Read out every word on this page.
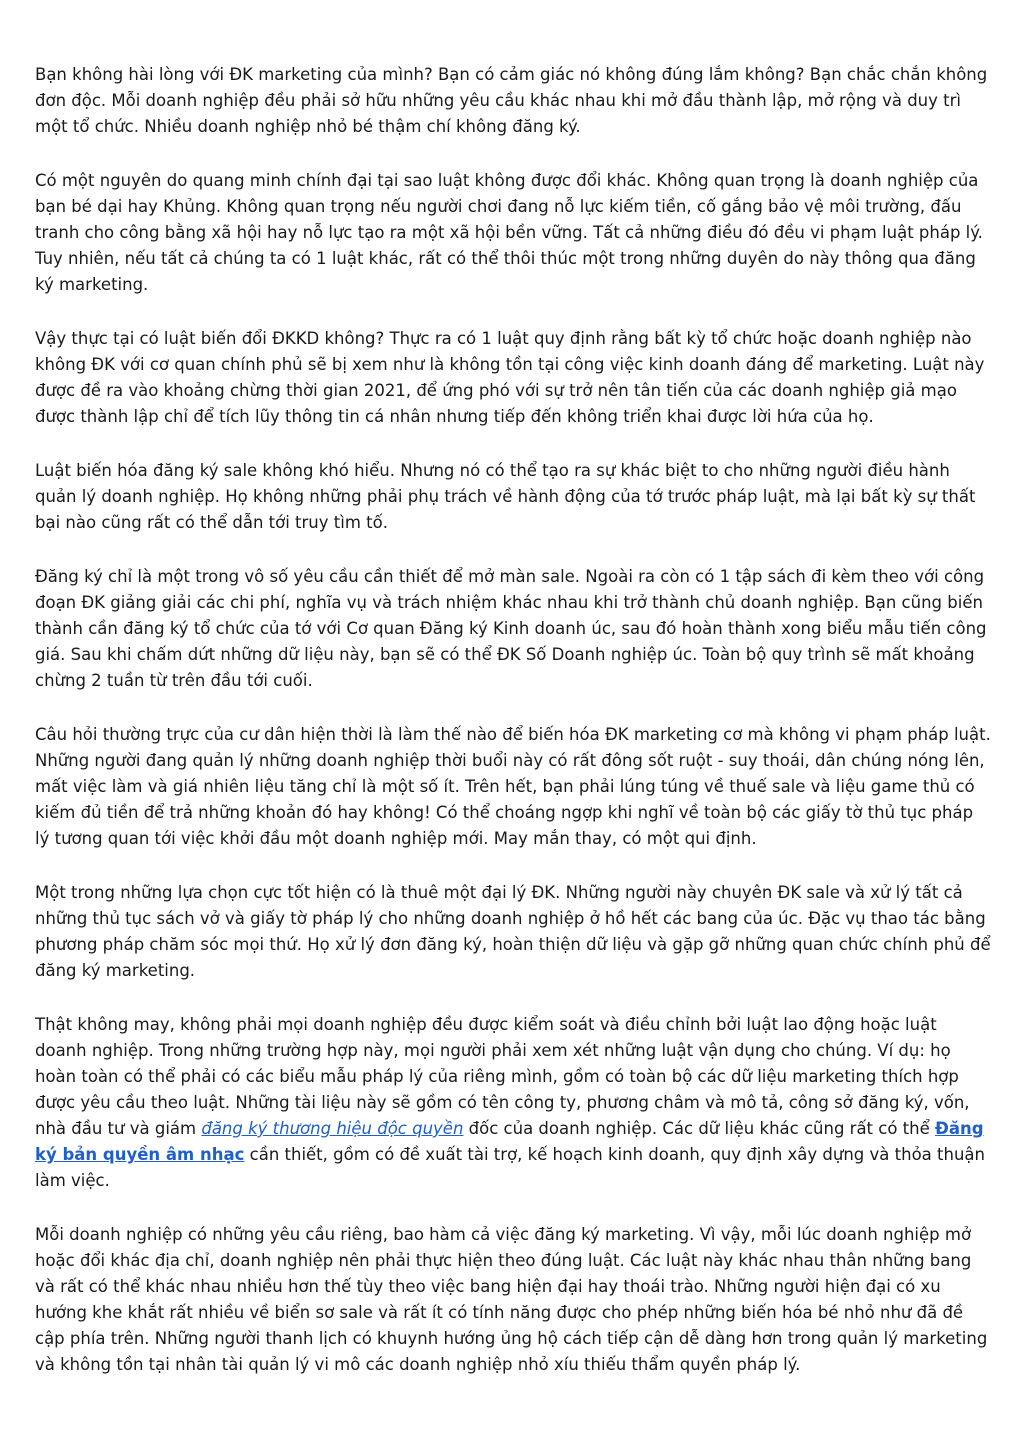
Bạn không hài lòng với ĐK marketing của mình? Bạn có cảm giác nó không đúng lắm không? Bạn chắc chắn không đơn độc. Mỗi doanh nghiệp đều phải sở hữu những yêu cầu khác nhau khi mở đầu thành lập, mở rộng và duy trì một tổ chức. Nhiều doanh nghiệp nhỏ bé thậm chí không đăng ký.

Có một nguyên do quang minh chính đại tại sao luật không được đổi khác. Không quan trọng là doanh nghiệp của bạn bé dại hay Khủng. Không quan trọng nếu người chơi đang nỗ lực kiếm tiền, cố gắng bảo vệ môi trường, đấu tranh cho công bằng xã hội hay nỗ lực tạo ra một xã hội bền vững. Tất cả những điều đó đều vi phạm luật pháp lý. Tuy nhiên, nếu tất cả chúng ta có 1 luật khác, rất có thể thôi thúc một trong những duyên do này thông qua đăng ký marketing.

Vậy thực tại có luật biến đổi ĐKKD không? Thực ra có 1 luật quy định rằng bất kỳ tổ chức hoặc doanh nghiệp nào không ĐK với cơ quan chính phủ sẽ bị xem như là không tồn tại công việc kinh doanh đáng để marketing. Luật này được đề ra vào khoảng chừng thời gian 2021, để ứng phó với sự trở nên tân tiến của các doanh nghiệp giả mạo được thành lập chỉ để tích lũy thông tin cá nhân nhưng tiếp đến không triển khai được lời hứa của họ.

Luật biến hóa đăng ký sale không khó hiểu. Nhưng nó có thể tạo ra sự khác biệt to cho những người điều hành quản lý doanh nghiệp. Họ không những phải phụ trách về hành động của tớ trước pháp luật, mà lại bất kỳ sự thất bại nào cũng rất có thể dẫn tới truy tìm tố.

Đăng ký chỉ là một trong vô số yêu cầu cần thiết để mở màn sale. Ngoài ra còn có 1 tập sách đi kèm theo với công đoạn ĐK giảng giải các chi phí, nghĩa vụ và trách nhiệm khác nhau khi trở thành chủ doanh nghiệp. Bạn cũng biến thành cần đăng ký tổ chức của tớ với Cơ quan Đăng ký Kinh doanh úc, sau đó hoàn thành xong biểu mẫu tiến công giá. Sau khi chấm dứt những dữ liệu này, bạn sẽ có thể ĐK Số Doanh nghiệp úc. Toàn bộ quy trình sẽ mất khoảng chừng 2 tuần từ trên đầu tới cuối.

Câu hỏi thường trực của cư dân hiện thời là làm thế nào để biến hóa ĐK marketing cơ mà không vi phạm pháp luật. Những người đang quản lý những doanh nghiệp thời buổi này có rất đông sốt ruột - suy thoái, dân chúng nóng lên, mất việc làm và giá nhiên liệu tăng chỉ là một số ít. Trên hết, bạn phải lúng túng về thuế sale và liệu game thủ có kiếm đủ tiền để trả những khoản đó hay không! Có thể choáng ngợp khi nghĩ về toàn bộ các giấy tờ thủ tục pháp lý tương quan tới việc khởi đầu một doanh nghiệp mới. May mắn thay, có một qui định.

Một trong những lựa chọn cực tốt hiện có là thuê một đại lý ĐK. Những người này chuyên ĐK sale và xử lý tất cả những thủ tục sách vở và giấy tờ pháp lý cho những doanh nghiệp ở hồ hết các bang của úc. Đặc vụ thao tác bằng phương pháp chăm sóc mọi thứ. Họ xử lý đơn đăng ký, hoàn thiện dữ liệu và gặp gỡ những quan chức chính phủ để đăng ký marketing.

Thật không may, không phải mọi doanh nghiệp đều được kiểm soát và điều chỉnh bởi luật lao động hoặc luật doanh nghiệp. Trong những trường hợp này, mọi người phải xem xét những luật vận dụng cho chúng. Ví dụ: họ hoàn toàn có thể phải có các biểu mẫu pháp lý của riêng mình, gồm có toàn bộ các dữ liệu marketing thích hợp được yêu cầu theo luật. Những tài liệu này sẽ gồm có tên công ty, phương châm và mô tả, công sở đăng ký, vốn, nhà đầu tư và giám đăng ký thương hiệu độc quyền đốc của doanh nghiệp. Các dữ liệu khác cũng rất có thể Đăng ký bản quyền âm nhạc cần thiết, gồm có đề xuất tài trợ, kế hoạch kinh doanh, quy định xây dựng và thỏa thuận làm việc.

Mỗi doanh nghiệp có những yêu cầu riêng, bao hàm cả việc đăng ký marketing. Vì vậy, mỗi lúc doanh nghiệp mở hoặc đổi khác địa chỉ, doanh nghiệp nên phải thực hiện theo đúng luật. Các luật này khác nhau thân những bang và rất có thể khác nhau nhiều hơn thế tùy theo việc bang hiện đại hay thoái trào. Những người hiện đại có xu hướng khe khắt rất nhiều về biển sơ sale và rất ít có tính năng được cho phép những biến hóa bé nhỏ như đã đề cập phía trên. Những người thanh lịch có khuynh hướng ủng hộ cách tiếp cận dễ dàng hơn trong quản lý marketing và không tồn tại nhân tài quản lý vi mô các doanh nghiệp nhỏ xíu thiếu thẩm quyền pháp lý.
